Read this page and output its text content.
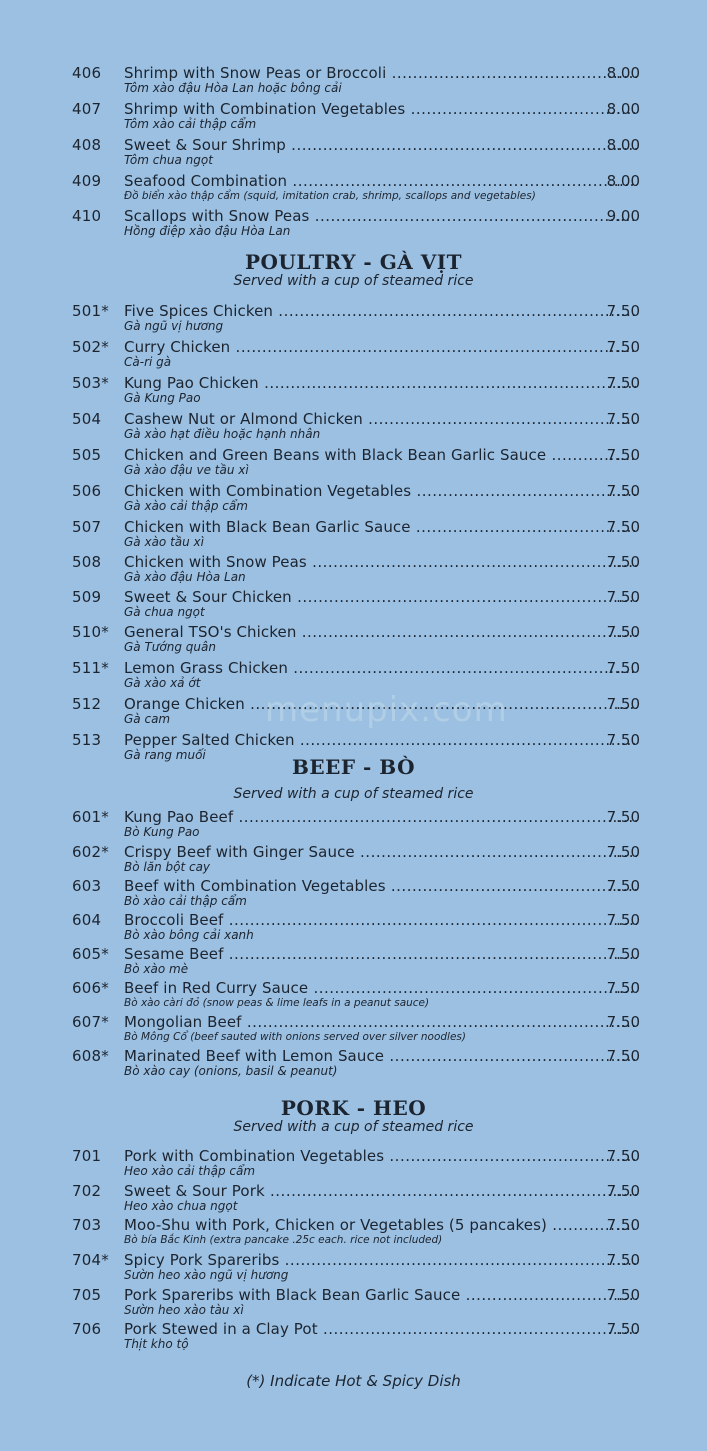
406	Shrimp with Snow Peas or Broccoli .....	8.00
Tôm xào đậu Hòa Lan hoặc bông cải
407	Shrimp with Combination Vegetables .....	8.00
Tôm xào cải thập cẩm
408	Sweet & Sour Shrimp .....	8.00
Tôm chua ngọt
409	Seafood Combination .....	8.00
Đồ biển xào thập cẩm (squid, imitation crab, shrimp, scallops and vegetables)
410	Scallops with Snow Peas .....	9.00
Hồng điệp xào đậu Hòa Lan
POULTRY - GÀ VỊT
Served with a cup of steamed rice
501*	Five Spices Chicken .....	7.50
Gà ngũ vị hương
502*	Curry Chicken .....	7.50
Cà-ri gà
503*	Kung Pao Chicken .....	7.50
Gà Kung Pao
504	Cashew Nut or Almond Chicken .....	7.50
Gà xào hạt điều hoặc hạnh nhân
505	Chicken and Green Beans with Black Bean Garlic Sauce .....	7.50
Gà xào đậu ve tầu xì
506	Chicken with Combination Vegetables .....	7.50
Gà xào cải thập cẩm
507	Chicken with Black Bean Garlic Sauce .....	7.50
Gà xào tầu xì
508	Chicken with Snow Peas .....	7.50
Gà xào đậu Hòa Lan
509	Sweet & Sour Chicken .....	7.50
Gà chua ngọt
510*	General TSO's Chicken .....	7.50
Gà Tướng quân
511*	Lemon Grass Chicken .....	7.50
Gà xào xả ớt
512	Orange Chicken .....	7.50
Gà cam
513	Pepper Salted Chicken .....	7.50
Gà rang muối
menupix.com
BEEF - BÒ
Served with a cup of steamed rice
601*	Kung Pao Beef .....	7.50
Bò Kung Pao
602*	Crispy Beef with Ginger Sauce .....	7.50
Bò lăn bột cay
603	Beef with Combination Vegetables .....	7.50
Bò xào cải thập cẩm
604	Broccoli Beef .....	7.50
Bò xào bông cải xanh
605*	Sesame Beef .....	7.50
Bò xào mè
606*	Beef in Red Curry Sauce .....	7.50
Bò xào càri đỏ (snow peas & lime leafs in a peanut sauce)
607*	Mongolian Beef .....	7.50
Bò Mông Cổ (beef sauted with onions served over silver noodles)
608*	Marinated Beef with Lemon Sauce .....	7.50
Bò xào cay (onions, basil & peanut)
PORK - HEO
Served with a cup of steamed rice
701	Pork with Combination Vegetables .....	7.50
Heo xào cải thập cẩm
702	Sweet & Sour Pork .....	7.50
Heo xào chua ngọt
703	Moo-Shu with Pork, Chicken or Vegetables (5 pancakes) .....	7.50
Bò bía Bắc Kinh (extra pancake .25c each. rice not included)
704*	Spicy Pork Spareribs .....	7.50
Sườn heo xào ngũ vị hương
705	Pork Spareribs with Black Bean Garlic Sauce .....	7.50
Sườn heo xào tàu xì
706	Pork Stewed in a Clay Pot .....	7.50
Thịt kho tộ
(*) Indicate Hot & Spicy Dish
